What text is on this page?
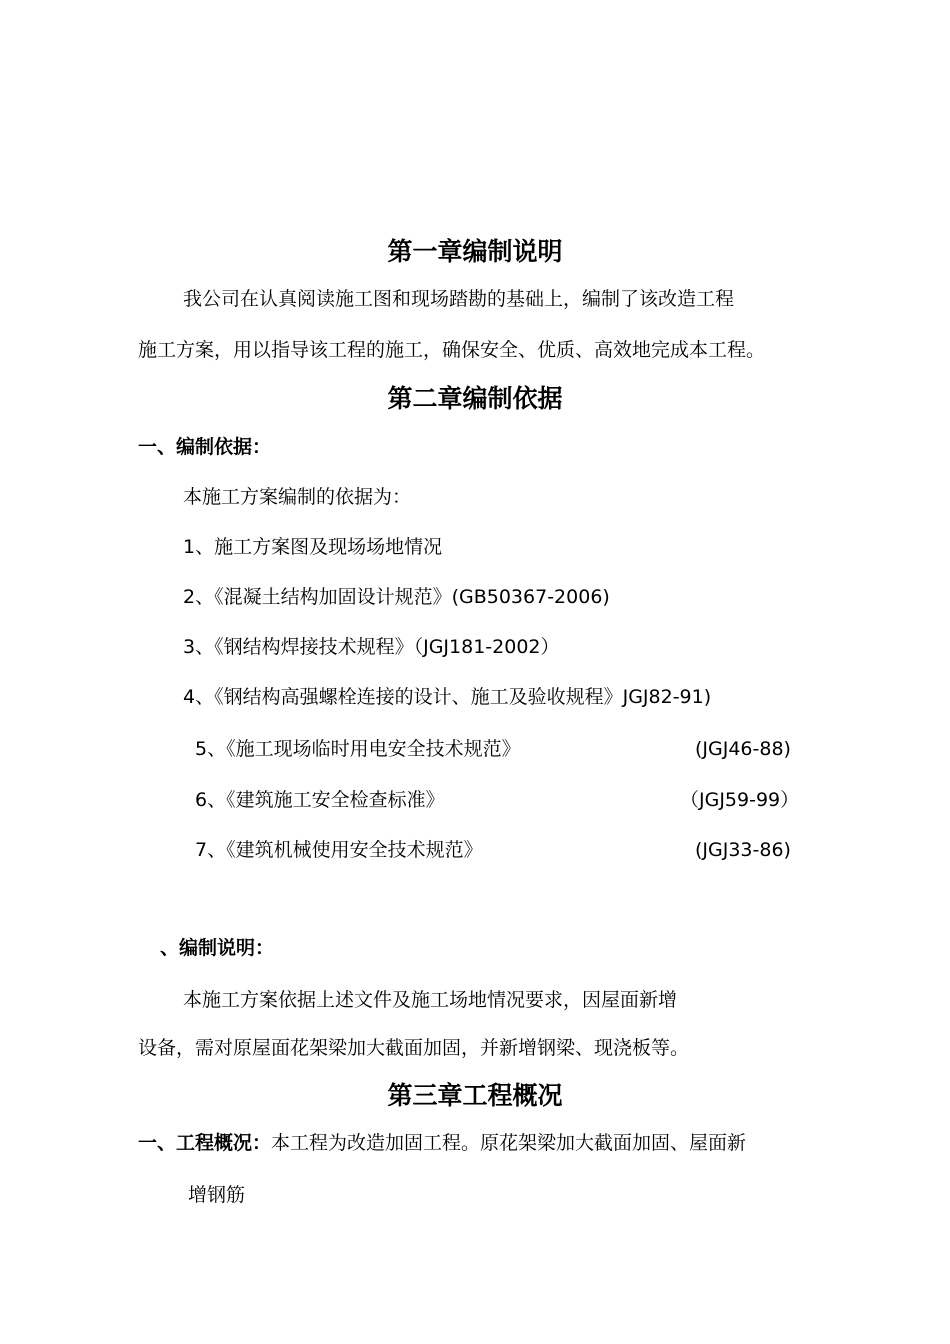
第一章编制说明
我公司在认真阅读施工图和现场踏勘的基础上，编制了该改造工程
施工方案，用以指导该工程的施工，确保安全、优质、高效地完成本工程。
第二章编制依据
一、编制依据：
本施工方案编制的依据为：
1、施工方案图及现场场地情况
2、《混凝土结构加固设计规范》(GB50367-2006)
3、《钢结构焊接技术规程》（JGJ181-2002）
4、《钢结构高强螺栓连接的设计、施工及验收规程》JGJ82-91)
5、《施工现场临时用电安全技术规范》	(JGJ46-88)
6、《建筑施工安全检查标准》	（JGJ59-99）
7、《建筑机械使用安全技术规范》	(JGJ33-86)
、编制说明：
本施工方案依据上述文件及施工场地情况要求，因屋面新增
设备，需对原屋面花架梁加大截面加固，并新增钢梁、现浇板等。
第三章工程概况
一、工程概况：本工程为改造加固工程。原花架梁加大截面加固、屋面新
增钢筋
